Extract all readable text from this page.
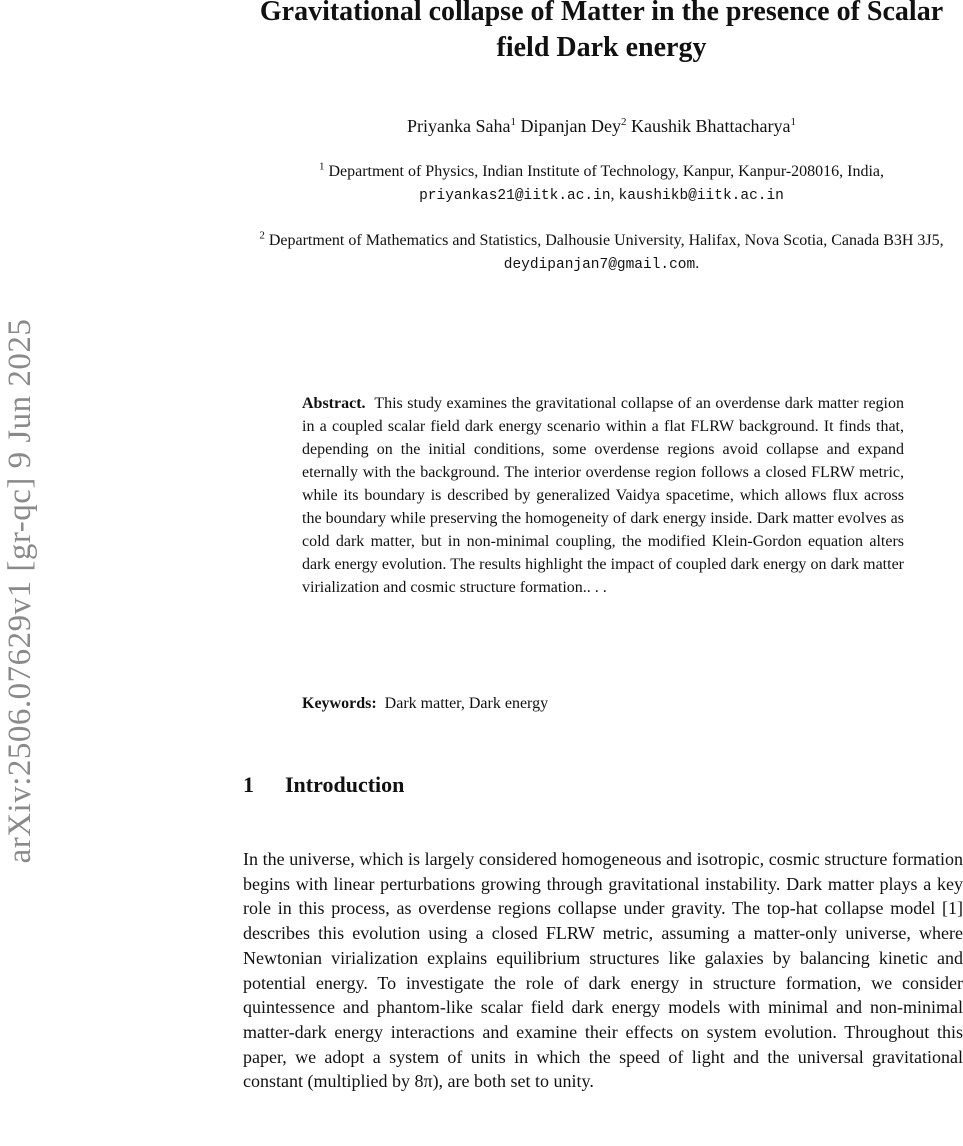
arXiv:2506.07629v1 [gr-qc] 9 Jun 2025
Gravitational collapse of Matter in the presence of Scalar field Dark energy
Priyanka Saha$^1$ Dipanjan Dey$^2$ Kaushik Bhattacharya$^1$
$^1$ Department of Physics, Indian Institute of Technology, Kanpur, Kanpur-208016, India,
priyankas21@iitk.ac.in, kaushikb@iitk.ac.in
$^2$ Department of Mathematics and Statistics, Dalhousie University, Halifax, Nova Scotia, Canada B3H 3J5,
deydipanjan7@gmail.com.
Abstract. This study examines the gravitational collapse of an overdense dark matter region in a coupled scalar field dark energy scenario within a flat FLRW background. It finds that, depending on the initial conditions, some overdense regions avoid collapse and expand eternally with the background. The interior overdense region follows a closed FLRW metric, while its boundary is described by generalized Vaidya spacetime, which allows flux across the boundary while preserving the homogeneity of dark energy inside. Dark matter evolves as cold dark matter, but in non-minimal coupling, the modified Klein-Gordon equation alters dark energy evolution. The results highlight the impact of coupled dark energy on dark matter virialization and cosmic structure formation.. . .
Keywords: Dark matter, Dark energy
1 Introduction
In the universe, which is largely considered homogeneous and isotropic, cosmic structure formation begins with linear perturbations growing through gravitational instability. Dark matter plays a key role in this process, as overdense regions collapse under gravity. The top-hat collapse model [1] describes this evolution using a closed FLRW metric, assuming a matter-only universe, where Newtonian virialization explains equilibrium structures like galaxies by balancing kinetic and potential energy. To investigate the role of dark energy in structure formation, we consider quintessence and phantom-like scalar field dark energy models with minimal and non-minimal matter-dark energy interactions and examine their effects on system evolution. Throughout this paper, we adopt a system of units in which the speed of light and the universal gravitational constant (multiplied by 8π), are both set to unity.
